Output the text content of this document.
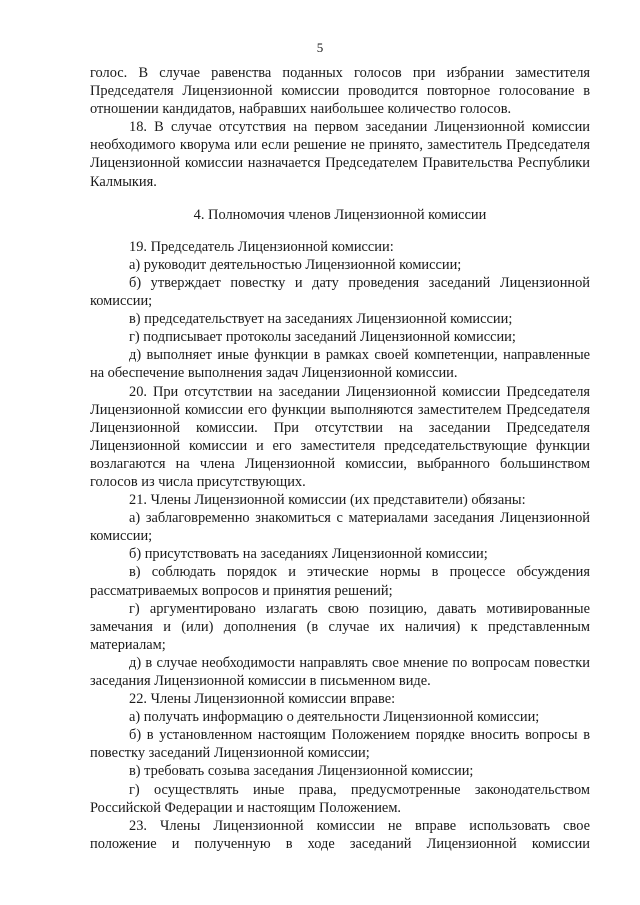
5

голос. В случае равенства поданных голосов при избрании заместителя Председателя Лицензионной комиссии проводится повторное голосование в отношении кандидатов, набравших наибольшее количество голосов.

18. В случае отсутствия на первом заседании Лицензионной комиссии необходимого кворума или если решение не принято, заместитель Председателя Лицензионной комиссии назначается Председателем Правительства Республики Калмыкия.

4. Полномочия членов Лицензионной комиссии

19. Председатель Лицензионной комиссии:

а) руководит деятельностью Лицензионной комиссии;

б) утверждает повестку и дату проведения заседаний Лицензионной комиссии;

в) председательствует на заседаниях Лицензионной комиссии;

г) подписывает протоколы заседаний Лицензионной комиссии;

д) выполняет иные функции в рамках своей компетенции, направленные на обеспечение выполнения задач Лицензионной комиссии.

20. При отсутствии на заседании Лицензионной комиссии Председателя Лицензионной комиссии его функции выполняются заместителем Председателя Лицензионной комиссии. При отсутствии на заседании Председателя Лицензионной комиссии и его заместителя председательствующие функции возлагаются на члена Лицензионной комиссии, выбранного большинством голосов из числа присутствующих.

21. Члены Лицензионной комиссии (их представители) обязаны:

а) заблаговременно знакомиться с материалами заседания Лицензионной комиссии;

б) присутствовать на заседаниях Лицензионной комиссии;

в) соблюдать порядок и этические нормы в процессе обсуждения рассматриваемых вопросов и принятия решений;

г) аргументировано излагать свою позицию, давать мотивированные замечания и (или) дополнения (в случае их наличия) к представленным материалам;

д) в случае необходимости направлять свое мнение по вопросам повестки заседания Лицензионной комиссии в письменном виде.

22. Члены Лицензионной комиссии вправе:

а) получать информацию о деятельности Лицензионной комиссии;

б) в установленном настоящим Положением порядке вносить вопросы в повестку заседаний Лицензионной комиссии;

в) требовать созыва заседания Лицензионной комиссии;

г) осуществлять иные права, предусмотренные законодательством Российской Федерации и настоящим Положением.

23. Члены Лицензионной комиссии не вправе использовать свое положение и полученную в ходе заседаний Лицензионной комиссии
